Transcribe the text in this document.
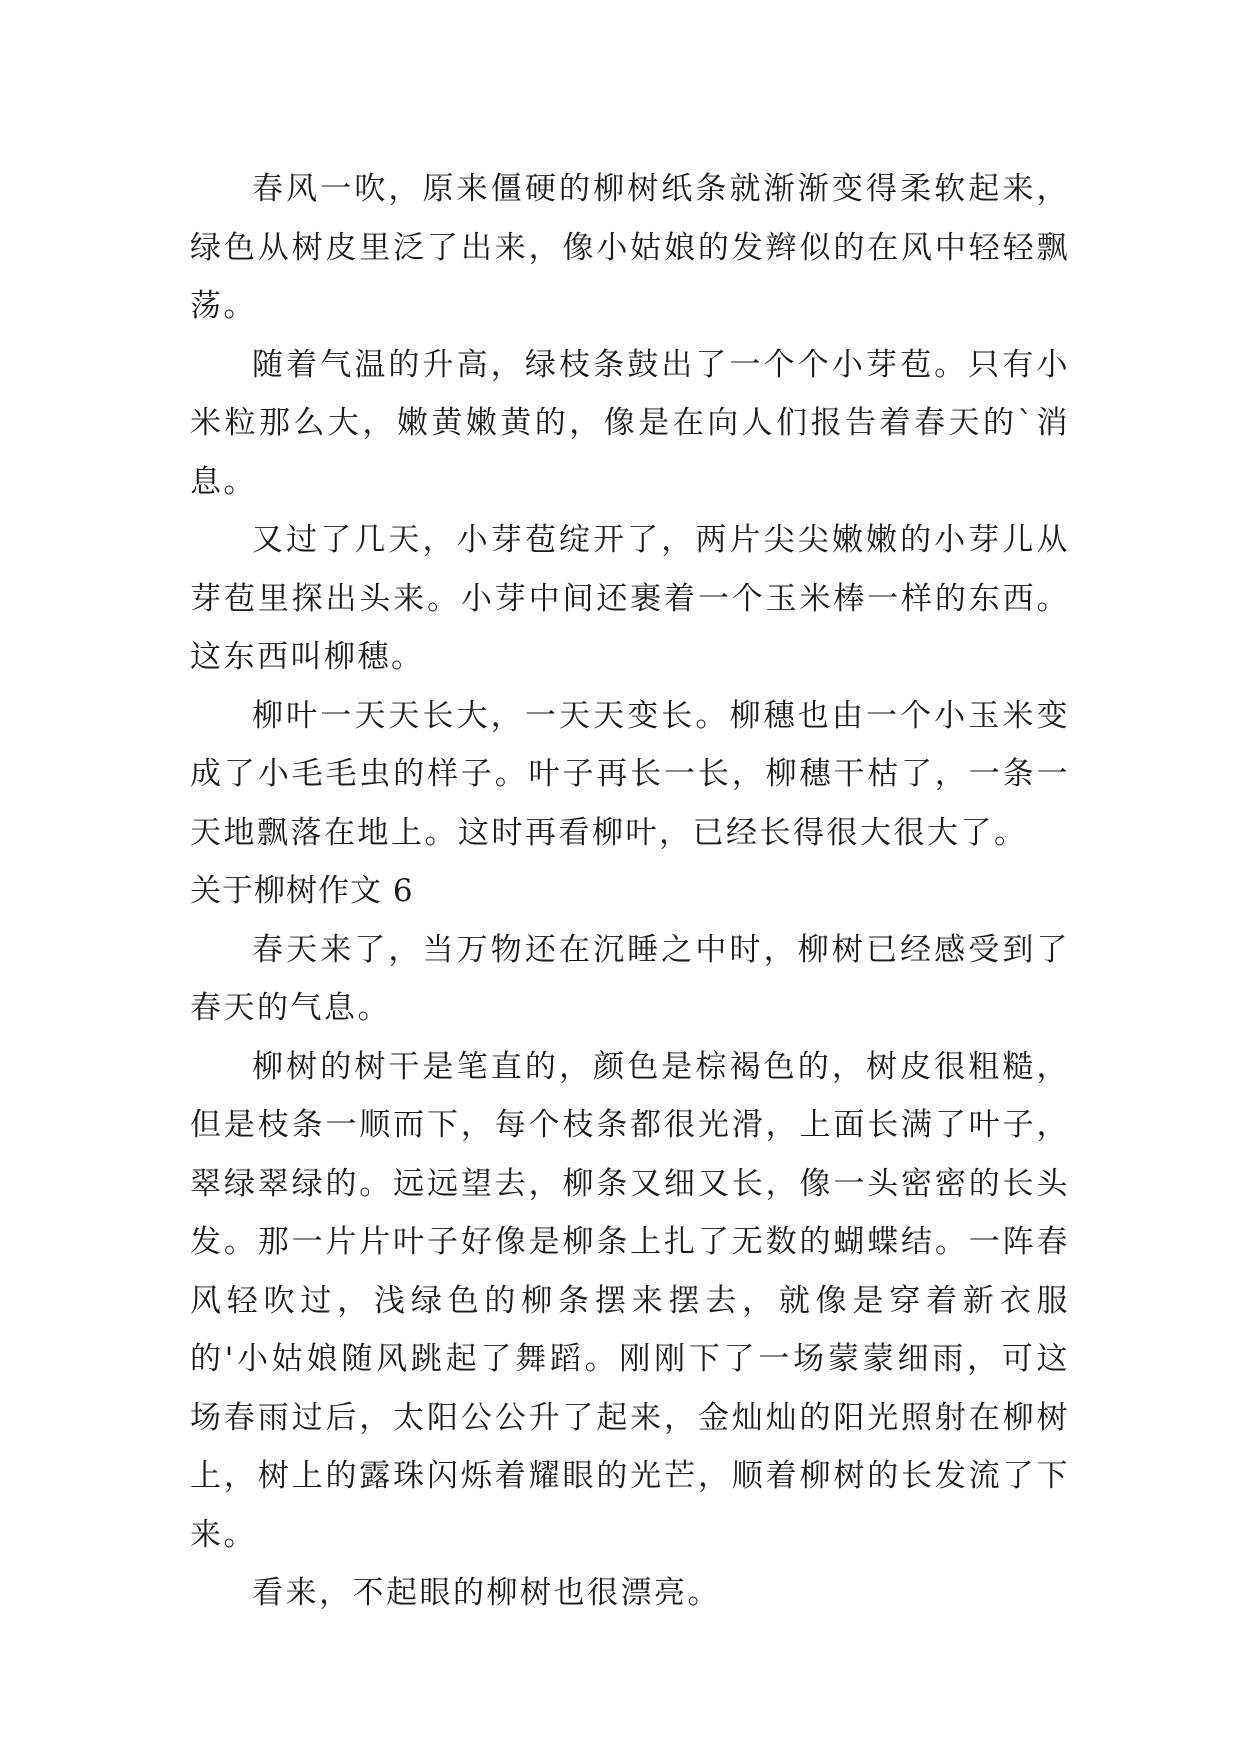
春风一吹，原来僵硬的柳树纸条就渐渐变得柔软起来，绿色从树皮里泛了出来，像小姑娘的发辫似的在风中轻轻飘荡。

随着气温的升高，绿枝条鼓出了一个个小芽苞。只有小米粒那么大，嫩黄嫩黄的，像是在向人们报告着春天的`消息。

又过了几天，小芽苞绽开了，两片尖尖嫩嫩的小芽儿从芽苞里探出头来。小芽中间还裹着一个玉米棒一样的东西。这东西叫柳穗。

柳叶一天天长大，一天天变长。柳穗也由一个小玉米变成了小毛毛虫的样子。叶子再长一长，柳穗干枯了，一条一天地飘落在地上。这时再看柳叶，已经长得很大很大了。

关于柳树作文 6

春天来了，当万物还在沉睡之中时，柳树已经感受到了春天的气息。

柳树的树干是笔直的，颜色是棕褐色的，树皮很粗糙，但是枝条一顺而下，每个枝条都很光滑，上面长满了叶子，翠绿翠绿的。远远望去，柳条又细又长，像一头密密的长头发。那一片片叶子好像是柳条上扎了无数的蝴蝶结。一阵春风轻吹过，浅绿色的柳条摆来摆去，就像是穿着新衣服的'小姑娘随风跳起了舞蹈。刚刚下了一场蒙蒙细雨，可这场春雨过后，太阳公公升了起来，金灿灿的阳光照射在柳树上，树上的露珠闪烁着耀眼的光芒，顺着柳树的长发流了下来。

看来，不起眼的柳树也很漂亮。
